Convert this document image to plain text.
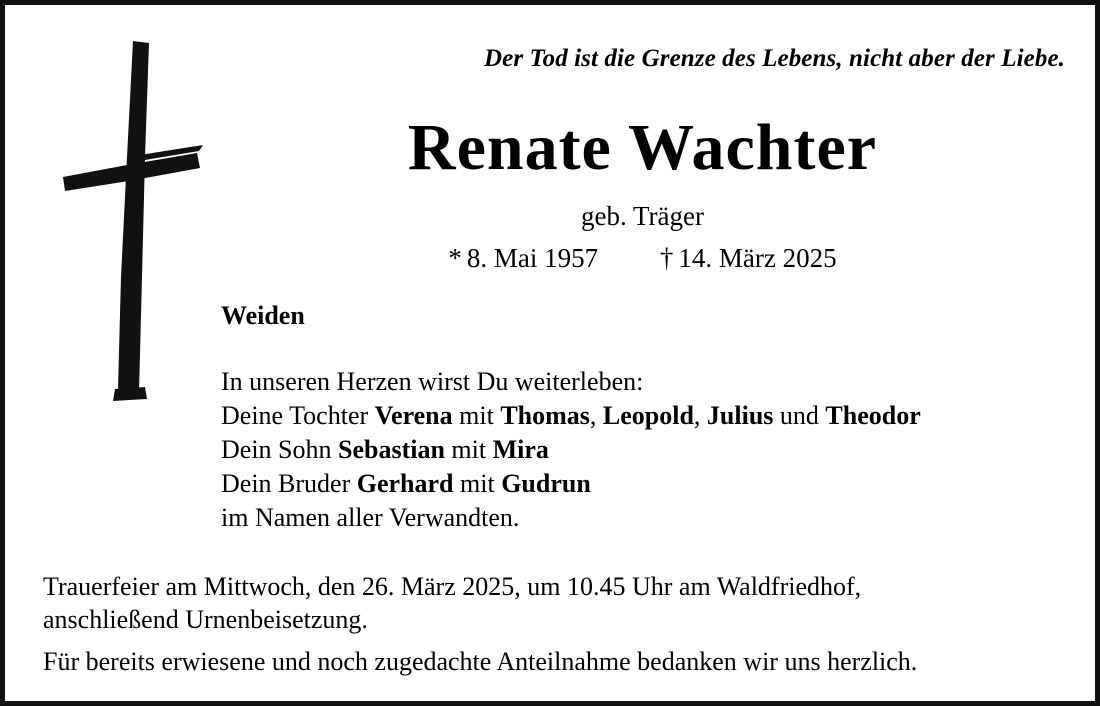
Der Tod ist die Grenze des Lebens, nicht aber der Liebe.
Renate Wachter
geb. Träger
* 8. Mai 1957 † 14. März 2025
Weiden
In unseren Herzen wirst Du weiterleben:
Deine Tochter Verena mit Thomas, Leopold, Julius und Theodor
Dein Sohn Sebastian mit Mira
Dein Bruder Gerhard mit Gudrun
im Namen aller Verwandten.
Trauerfeier am Mittwoch, den 26. März 2025, um 10.45 Uhr am Waldfriedhof,
anschließend Urnenbeisetzung.
Für bereits erwiesene und noch zugedachte Anteilnahme bedanken wir uns herzlich.
